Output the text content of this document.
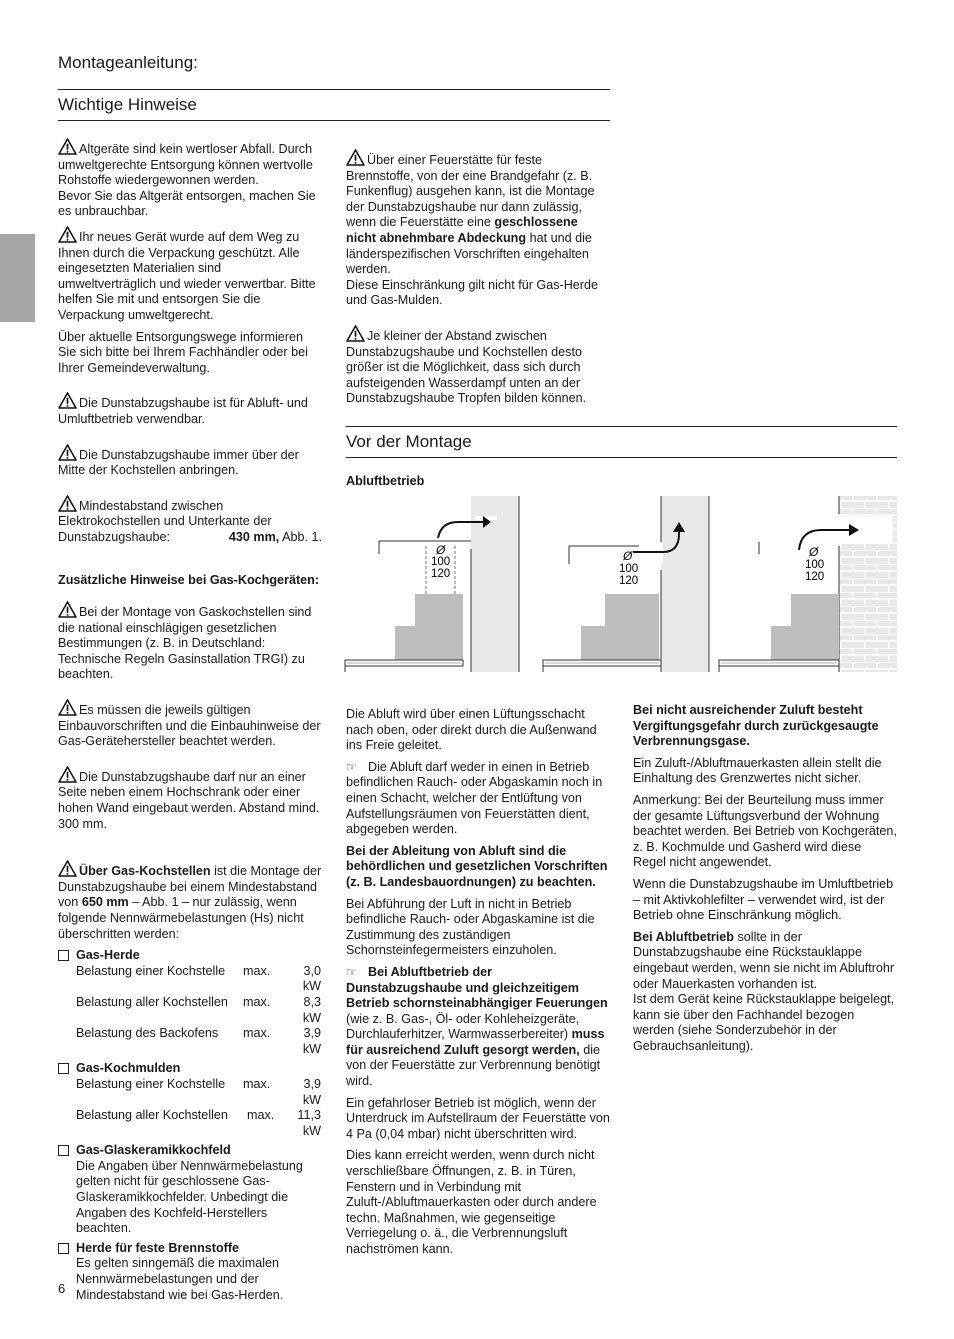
Montageanleitung:
Wichtige Hinweise

Altgeräte sind kein wertloser Abfall. Durch umweltgerechte Entsorgung können wertvolle Rohstoffe wiedergewonnen werden.
Bevor Sie das Altgerät entsorgen, machen Sie es unbrauchbar.

Ihr neues Gerät wurde auf dem Weg zu Ihnen durch die Verpackung geschützt. Alle eingesetzten Materialien sind umweltverträglich und wieder verwertbar. Bitte helfen Sie mit und entsorgen Sie die Verpackung umweltgerecht.

Über aktuelle Entsorgungswege informieren Sie sich bitte bei Ihrem Fachhändler oder bei Ihrer Gemeindeverwaltung.

Die Dunstabzugshaube ist für Abluft- und Umluftbetrieb verwendbar.

Die Dunstabzugshaube immer über der Mitte der Kochstellen anbringen.

Mindestabstand zwischen Elektrokochstellen und Unterkante der Dunstabzugshaube:	430 mm, Abb. 1.

Zusätzliche Hinweise bei Gas-Kochgeräten:

Bei der Montage von Gaskochstellen sind die national einschlägigen gesetzlichen Bestimmungen (z. B. in Deutschland: Technische Regeln Gasinstallation TRGI) zu beachten.

Es müssen die jeweils gültigen Einbauvorschriften und die Einbauhinweise der Gas-Gerätehersteller beachtet werden.

Die Dunstabzugshaube darf nur an einer Seite neben einem Hochschrank oder einer hohen Wand eingebaut werden. Abstand mind. 300 mm.

Über Gas-Kochstellen ist die Montage der Dunstabzugshaube bei einem Mindestabstand von 650 mm – Abb. 1 – nur zulässig, wenn folgende Nennwärmebelastungen (Hs) nicht überschritten werden:

Gas-Herde
Belastung einer Kochstelle	max.	3,0 kW
Belastung aller Kochstellen	max.	8,3 kW
Belastung des Backofens	max.	3,9 kW
Gas-Kochmulden
Belastung einer Kochstelle	max.	3,9 kW
Belastung aller Kochstellen	max.	11,3 kW
Gas-Glaskeramikkochfeld
Die Angaben über Nennwärmebelastung gelten nicht für geschlossene Gas-Glaskeramikkochfelder. Unbedingt die Angaben des Kochfeld-Herstellers beachten.
Herde für feste Brennstoffe
Es gelten sinngemäß die maximalen Nennwärmebelastungen und der Mindestabstand wie bei Gas-Herden.

Über einer Feuerstätte für feste Brennstoffe, von der eine Brandgefahr (z. B. Funkenflug) ausgehen kann, ist die Montage der Dunstabzugshaube nur dann zulässig, wenn die Feuerstätte eine geschlossene nicht abnehmbare Abdeckung hat und die länderspezifischen Vorschriften eingehalten werden.
Diese Einschränkung gilt nicht für Gas-Herde und Gas-Mulden.

Je kleiner der Abstand zwischen Dunstabzugshaube und Kochstellen desto größer ist die Möglichkeit, dass sich durch aufsteigenden Wasserdampf unten an der Dunstabzugshaube Tropfen bilden können.

Vor der Montage
Abluftbetrieb
Ø
100
120
Ø
100
120
Ø
100
120

Die Abluft wird über einen Lüftungsschacht nach oben, oder direkt durch die Außenwand ins Freie geleitet.

☞ Die Abluft darf weder in einen in Betrieb befindlichen Rauch- oder Abgaskamin noch in einen Schacht, welcher der Entlüftung von Aufstellungsräumen von Feuerstätten dient, abgegeben werden.

Bei der Ableitung von Abluft sind die behördlichen und gesetzlichen Vorschriften (z. B. Landesbauordnungen) zu beachten.

Bei Abführung der Luft in nicht in Betrieb befindliche Rauch- oder Abgaskamine ist die Zustimmung des zuständigen Schornsteinfegermeisters einzuholen.

☞ Bei Abluftbetrieb der Dunstabzugshaube und gleichzeitigem Betrieb schornsteinabhängiger Feuerungen (wie z. B. Gas-, Öl- oder Kohleheizgeräte, Durchlauferhitzer, Warmwasserbereiter) muss für ausreichend Zuluft gesorgt werden, die von der Feuerstätte zur Verbrennung benötigt wird.

Ein gefahrloser Betrieb ist möglich, wenn der Unterdruck im Aufstellraum der Feuerstätte von 4 Pa (0,04 mbar) nicht überschritten wird.

Dies kann erreicht werden, wenn durch nicht verschließbare Öffnungen, z. B. in Türen, Fenstern und in Verbindung mit Zuluft-/Abluftmauerkasten oder durch andere techn. Maßnahmen, wie gegenseitige Verriegelung o. ä., die Verbrennungsluft nachströmen kann.

Bei nicht ausreichender Zuluft besteht Vergiftungsgefahr durch zurückgesaugte Verbrennungsgase.

Ein Zuluft-/Abluftmauerkasten allein stellt die Einhaltung des Grenzwertes nicht sicher.

Anmerkung: Bei der Beurteilung muss immer der gesamte Lüftungsverbund der Wohnung beachtet werden. Bei Betrieb von Kochgeräten, z. B. Kochmulde und Gasherd wird diese Regel nicht angewendet.

Wenn die Dunstabzugshaube im Umluftbetrieb – mit Aktivkohlefilter – verwendet wird, ist der Betrieb ohne Einschränkung möglich.

Bei Abluftbetrieb sollte in der Dunstabzugshaube eine Rückstauklappe eingebaut werden, wenn sie nicht im Abluftrohr oder Mauerkasten vorhanden ist.
Ist dem Gerät keine Rückstauklappe beigelegt, kann sie über den Fachhandel bezogen werden (siehe Sonderzubehör in der Gebrauchsanleitung).

6
